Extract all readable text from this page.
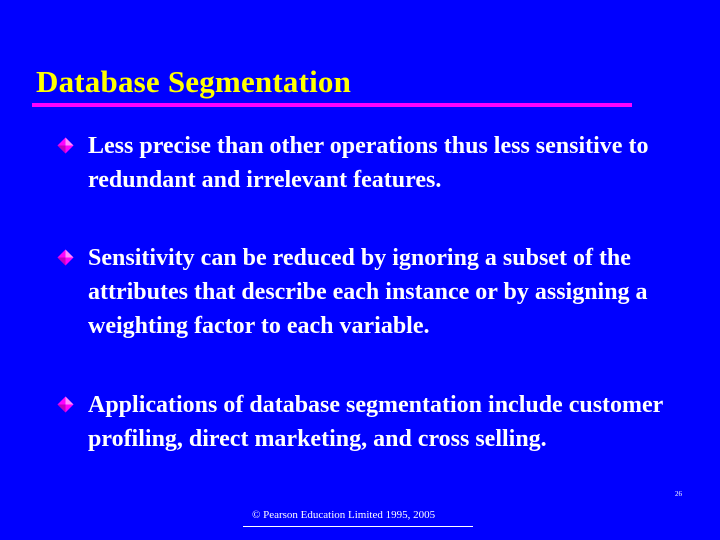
Database Segmentation
Less precise than other operations thus less sensitive to redundant and irrelevant features.
Sensitivity can be reduced by ignoring a subset of the attributes that describe each instance or by assigning a weighting factor to each variable.
Applications of database segmentation include customer profiling, direct marketing, and cross selling.
© Pearson Education Limited 1995, 2005
26
